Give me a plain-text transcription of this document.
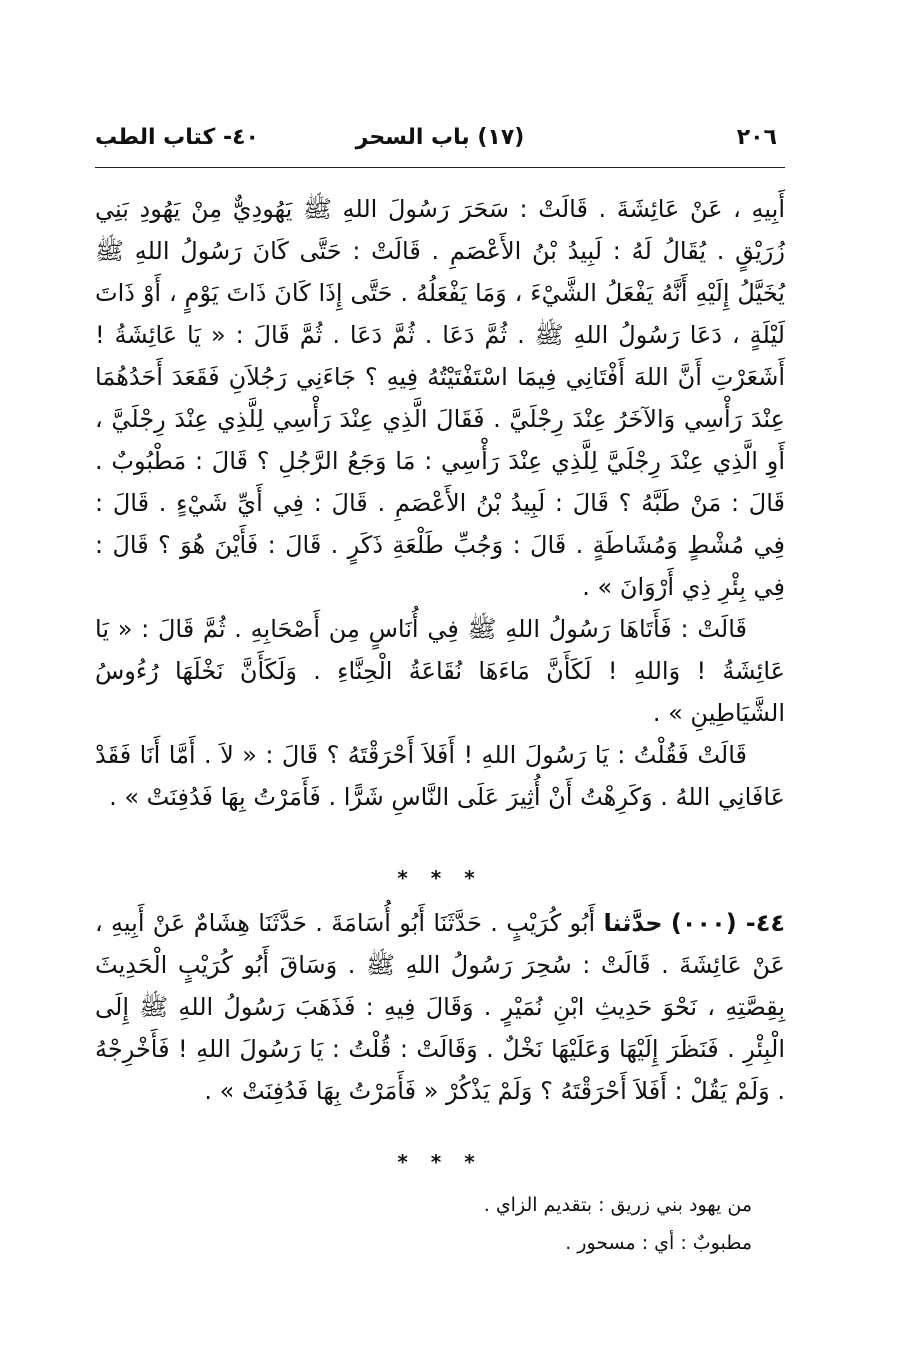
٢٠٦
(١٧) باب السحر
٤٠- كتاب الطب

أَبِيهِ ، عَنْ عَائِشَةَ . قَالَتْ : سَحَرَ رَسُولَ اللهِ ﷺ يَهُودِيٌّ مِنْ يَهُودِ بَنِي زُرَيْقٍ . يُقَالُ لَهُ : لَبِيدُ بْنُ الأَعْصَمِ . قَالَتْ : حَتَّى كَانَ رَسُولُ اللهِ ﷺ يُخَيَّلُ إِلَيْهِ أَنَّهُ يَفْعَلُ الشَّيْءَ ، وَمَا يَفْعَلُهُ . حَتَّى إِذَا كَانَ ذَاتَ يَوْمٍ ، أَوْ ذَاتَ لَيْلَةٍ ، دَعَا رَسُولُ اللهِ ﷺ . ثُمَّ دَعَا . ثُمَّ دَعَا . ثُمَّ قَالَ : « يَا عَائِشَةُ ! أَشَعَرْتِ أَنَّ اللهَ أَفْتَانِي فِيمَا اسْتَفْتَيْتُهُ فِيهِ ؟ جَاءَنِي رَجُلاَنِ فَقَعَدَ أَحَدُهُمَا عِنْدَ رَأْسِي وَالآخَرُ عِنْدَ رِجْلَيَّ . فَقَالَ الَّذِي عِنْدَ رَأْسِي لِلَّذِي عِنْدَ رِجْلَيَّ ، أَوِ الَّذِي عِنْدَ رِجْلَيَّ لِلَّذِي عِنْدَ رَأْسِي : مَا وَجَعُ الرَّجُلِ ؟ قَالَ : مَطْبُوبٌ . قَالَ : مَنْ طَبَّهُ ؟ قَالَ : لَبِيدُ بْنُ الأَعْصَمِ . قَالَ : فِي أَيِّ شَيْءٍ . قَالَ : فِي مُشْطٍ وَمُشَاطَةٍ . قَالَ : وَجُبِّ طَلْعَةِ ذَكَرٍ . قَالَ : فَأَيْنَ هُوَ ؟ قَالَ : فِي بِئْرِ ذِي أَرْوَانَ » .

قَالَتْ : فَأَتَاهَا رَسُولُ اللهِ ﷺ فِي أُنَاسٍ مِن أَصْحَابِهِ . ثُمَّ قَالَ : « يَا عَائِشَةُ ! وَاللهِ ! لَكَأَنَّ مَاءَهَا نُقَاعَةُ الْحِنَّاءِ . وَلَكَأَنَّ نَخْلَهَا رُءُوسُ الشَّيَاطِينِ » .

قَالَتْ فَقُلْتُ : يَا رَسُولَ اللهِ ! أَفَلاَ أَحْرَقْتَهُ ؟ قَالَ : « لاَ . أَمَّا أَنَا فَقَدْ عَافَانِي اللهُ . وَكَرِهْتُ أَنْ أُثِيرَ عَلَى النَّاسِ شَرًّا . فَأَمَرْتُ بِهَا فَدُفِنَتْ » .

* * *

٤٤- (٠٠٠) حدَّثنا أَبُو كُرَيْبٍ . حَدَّثَنَا أَبُو أُسَامَةَ . حَدَّثَنَا هِشَامٌ عَنْ أَبِيهِ ، عَنْ عَائِشَةَ . قَالَتْ : سُحِرَ رَسُولُ اللهِ ﷺ . وَسَاقَ أَبُو كُرَيْبٍ الْحَدِيثَ بِقِصَّتِهِ ، نَحْوَ حَدِيثِ ابْنِ نُمَيْرٍ . وَقَالَ فِيهِ : فَذَهَبَ رَسُولُ اللهِ ﷺ إِلَى الْبِئْرِ . فَنَظَرَ إِلَيْهَا وَعَلَيْهَا نَخْلٌ . وَقَالَتْ : قُلْتُ : يَا رَسُولَ اللهِ ! فَأَخْرِجْهُ . وَلَمْ يَقُلْ : أَفَلاَ أَحْرَقْتَهُ ؟ وَلَمْ يَذْكُرْ « فَأَمَرْتُ بِهَا فَدُفِنَتْ » .

* * *

من يهود بني زريق : بتقديم الزاي .

مطبوبٌ : أي : مسحور .
